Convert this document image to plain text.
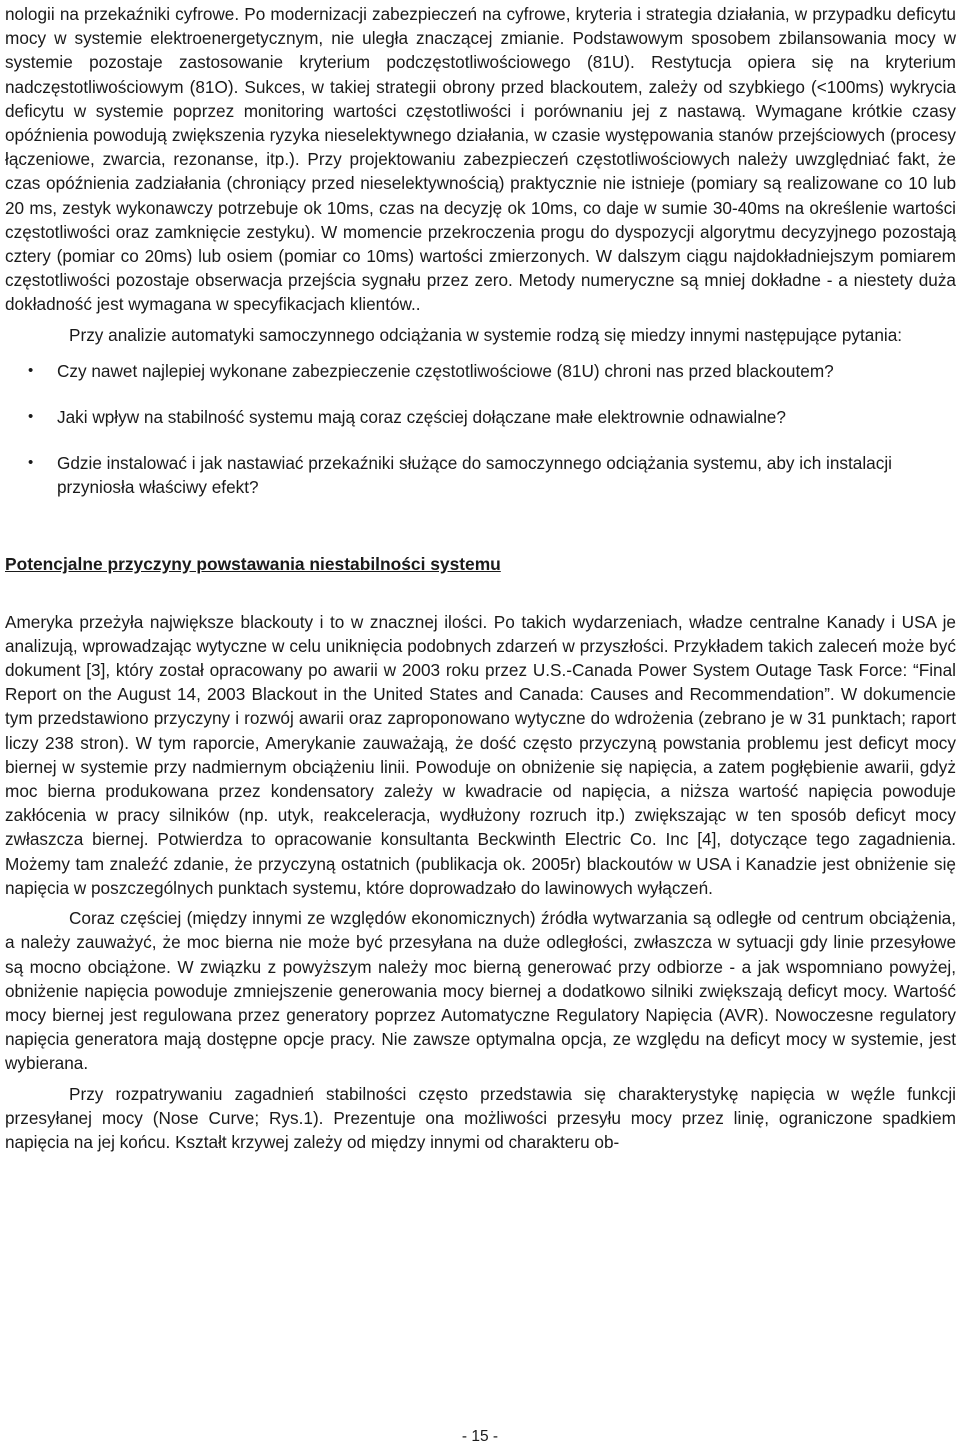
nologii na przekaźniki cyfrowe. Po modernizacji zabezpieczeń na cyfrowe, kryteria i strategia działania, w przypadku deficytu mocy w systemie elektroenergetycznym, nie uległa znaczącej zmianie. Podstawowym sposobem zbilansowania mocy w systemie pozostaje zastosowanie kryterium podczęstotliwościowego (81U). Restytucja opiera się na kryterium nadczęstotliwościowym (81O). Sukces, w takiej strategii obrony przed blackoutem, zależy od szybkiego (<100ms) wykrycia deficytu w systemie poprzez monitoring wartości częstotliwości i porównaniu jej z nastawą. Wymagane krótkie czasy opóźnienia powodują zwiększenia ryzyka nieselektywnego działania, w czasie występowania stanów przejściowych (procesy łączeniowe, zwarcia, rezonanse, itp.). Przy projektowaniu zabezpieczeń częstotliwościowych należy uwzględniać fakt, że czas opóźnienia zadziałania (chroniący przed nieselektywnością) praktycznie nie istnieje (pomiary są realizowane co 10 lub 20 ms, zestyk wykonawczy potrzebuje ok 10ms, czas na decyzję ok 10ms, co daje w sumie 30-40ms na określenie wartości częstotliwości oraz zamknięcie zestyku). W momencie przekroczenia progu do dyspozycji algorytmu decyzyjnego pozostają cztery (pomiar co 20ms) lub osiem (pomiar co 10ms) wartości zmierzonych. W dalszym ciągu najdokładniejszym pomiarem częstotliwości pozostaje obserwacja przejścia sygnału przez zero. Metody numeryczne są mniej dokładne - a niestety duża dokładność jest wymagana w specyfikacjach klientów..

Przy analizie automatyki samoczynnego odciążania w systemie rodzą się miedzy innymi następujące pytania:

• Czy nawet najlepiej wykonane zabezpieczenie częstotliwościowe (81U) chroni nas przed blackoutem?
• Jaki wpływ na stabilność systemu mają coraz częściej dołączane małe elektrownie odnawialne?
• Gdzie instalować i jak nastawiać przekaźniki służące do samoczynnego odciążania systemu, aby ich instalacji przyniosła właściwy efekt?
Potencjalne przyczyny powstawania niestabilności systemu

Ameryka przeżyła największe blackouty i to w znacznej ilości. Po takich wydarzeniach, władze centralne Kanady i USA je analizują, wprowadzając wytyczne w celu uniknięcia podobnych zdarzeń w przyszłości. Przykładem takich zaleceń może być dokument [3], który został opracowany po awarii w 2003 roku przez U.S.-Canada Power System Outage Task Force: “Final Report on the August 14, 2003 Blackout in the United States and Canada: Causes and Recommendation”. W dokumencie tym przedstawiono przyczyny i rozwój awarii oraz zaproponowano wytyczne do wdrożenia (zebrano je w 31 punktach; raport liczy 238 stron). W tym raporcie, Amerykanie zauważają, że dość często przyczyną powstania problemu jest deficyt mocy biernej w systemie przy nadmiernym obciążeniu linii. Powoduje on obniżenie się napięcia, a zatem pogłębienie awarii, gdyż moc bierna produkowana przez kondensatory zależy w kwadracie od napięcia, a niższa wartość napięcia powoduje zakłócenia w pracy silników (np. utyk, reakceleracja, wydłużony rozruch itp.) zwiększając w ten sposób deficyt mocy zwłaszcza biernej. Potwierdza to opracowanie konsultanta Beckwinth Electric Co. Inc [4], dotyczące tego zagadnienia. Możemy tam znaleźć zdanie, że przyczyną ostatnich (publikacja ok. 2005r) blackoutów w USA i Kanadzie jest obniżenie się napięcia w poszczególnych punktach systemu, które doprowadzało do lawinowych wyłączeń.

Coraz częściej (między innymi ze względów ekonomicznych) źródła wytwarzania są odległe od centrum obciążenia, a należy zauważyć, że moc bierna nie może być przesyłana na duże odległości, zwłaszcza w sytuacji gdy linie przesyłowe są mocno obciążone. W związku z powyższym należy moc bierną generować przy odbiorze - a jak wspomniano powyżej, obniżenie napięcia powoduje zmniejszenie generowania mocy biernej a dodatkowo silniki zwiększają deficyt mocy. Wartość mocy biernej jest regulowana przez generatory poprzez Automatyczne Regulatory Napięcia (AVR). Nowoczesne regulatory napięcia generatora mają dostępne opcje pracy. Nie zawsze optymalna opcja, ze względu na deficyt mocy w systemie, jest wybierana.

Przy rozpatrywaniu zagadnień stabilności często przedstawia się charakterystykę napięcia w węźle funkcji przesyłanej mocy (Nose Curve; Rys.1). Prezentuje ona możliwości przesyłu mocy przez linię, ograniczone spadkiem napięcia na jej końcu. Kształt krzywej zależy od między innymi od charakteru ob-

- 15 -
